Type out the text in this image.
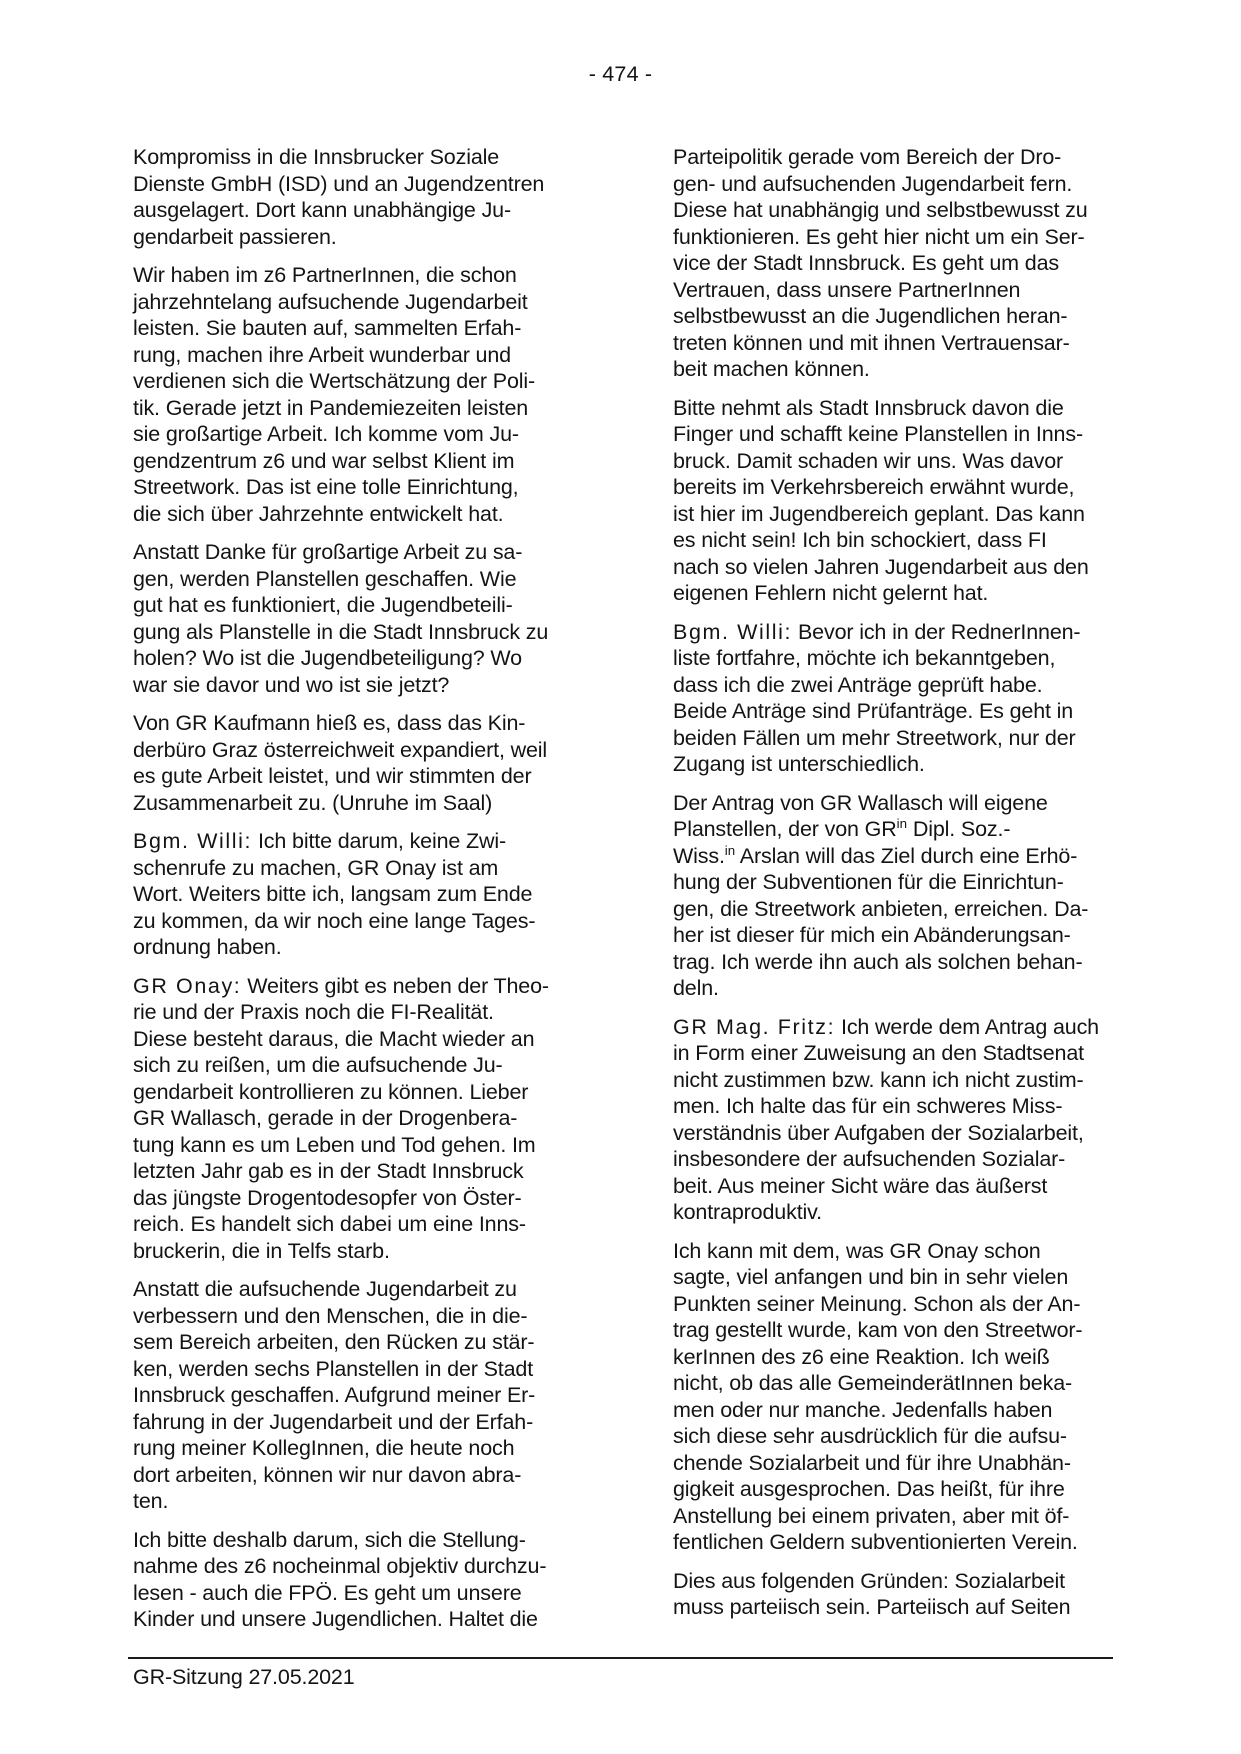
- 474 -
Kompromiss in die Innsbrucker Soziale
Dienste GmbH (ISD) und an Jugendzentren
ausgelagert. Dort kann unabhängige Ju-
gendarbeit passieren.
Wir haben im z6 PartnerInnen, die schon
jahrzehntelang aufsuchende Jugendarbeit
leisten. Sie bauten auf, sammelten Erfah-
rung, machen ihre Arbeit wunderbar und
verdienen sich die Wertschätzung der Poli-
tik. Gerade jetzt in Pandemiezeiten leisten
sie großartige Arbeit. Ich komme vom Ju-
gendzentrum z6 und war selbst Klient im
Streetwork. Das ist eine tolle Einrichtung,
die sich über Jahrzehnte entwickelt hat.
Anstatt Danke für großartige Arbeit zu sa-
gen, werden Planstellen geschaffen. Wie
gut hat es funktioniert, die Jugendbeteili-
gung als Planstelle in die Stadt Innsbruck zu
holen? Wo ist die Jugendbeteiligung? Wo
war sie davor und wo ist sie jetzt?
Von GR Kaufmann hieß es, dass das Kin-
derbüro Graz österreichweit expandiert, weil
es gute Arbeit leistet, und wir stimmten der
Zusammenarbeit zu. (Unruhe im Saal)
Bgm. Willi: Ich bitte darum, keine Zwi-
schenrufe zu machen, GR Onay ist am
Wort. Weiters bitte ich, langsam zum Ende
zu kommen, da wir noch eine lange Tages-
ordnung haben.
GR Onay: Weiters gibt es neben der Theo-
rie und der Praxis noch die FI-Realität.
Diese besteht daraus, die Macht wieder an
sich zu reißen, um die aufsuchende Ju-
gendarbeit kontrollieren zu können. Lieber
GR Wallasch, gerade in der Drogenbera-
tung kann es um Leben und Tod gehen. Im
letzten Jahr gab es in der Stadt Innsbruck
das jüngste Drogentodesopfer von Öster-
reich. Es handelt sich dabei um eine Inns-
bruckerin, die in Telfs starb.
Anstatt die aufsuchende Jugendarbeit zu
verbessern und den Menschen, die in die-
sem Bereich arbeiten, den Rücken zu stär-
ken, werden sechs Planstellen in der Stadt
Innsbruck geschaffen. Aufgrund meiner Er-
fahrung in der Jugendarbeit und der Erfah-
rung meiner KollegInnen, die heute noch
dort arbeiten, können wir nur davon abra-
ten.
Ich bitte deshalb darum, sich die Stellung-
nahme des z6 nocheinmal objektiv durchzu-
lesen - auch die FPÖ. Es geht um unsere
Kinder und unsere Jugendlichen. Haltet die
Parteipolitik gerade vom Bereich der Dro-
gen- und aufsuchenden Jugendarbeit fern.
Diese hat unabhängig und selbstbewusst zu
funktionieren. Es geht hier nicht um ein Ser-
vice der Stadt Innsbruck. Es geht um das
Vertrauen, dass unsere PartnerInnen
selbstbewusst an die Jugendlichen heran-
treten können und mit ihnen Vertrauensar-
beit machen können.
Bitte nehmt als Stadt Innsbruck davon die
Finger und schafft keine Planstellen in Inns-
bruck. Damit schaden wir uns. Was davor
bereits im Verkehrsbereich erwähnt wurde,
ist hier im Jugendbereich geplant. Das kann
es nicht sein! Ich bin schockiert, dass FI
nach so vielen Jahren Jugendarbeit aus den
eigenen Fehlern nicht gelernt hat.
Bgm. Willi: Bevor ich in der RednerInnen-
liste fortfahre, möchte ich bekanntgeben,
dass ich die zwei Anträge geprüft habe.
Beide Anträge sind Prüfanträge. Es geht in
beiden Fällen um mehr Streetwork, nur der
Zugang ist unterschiedlich.
Der Antrag von GR Wallasch will eigene
Planstellen, der von $GR^{in}$ Dipl. Soz.-
Wiss.$^{in}$ Arslan will das Ziel durch eine Erhö-
hung der Subventionen für die Einrichtun-
gen, die Streetwork anbieten, erreichen. Da-
her ist dieser für mich ein Abänderungsan-
trag. Ich werde ihn auch als solchen behan-
deln.
GR Mag. Fritz: Ich werde dem Antrag auch
in Form einer Zuweisung an den Stadtsenat
nicht zustimmen bzw. kann ich nicht zustim-
men. Ich halte das für ein schweres Miss-
verständnis über Aufgaben der Sozialarbeit,
insbesondere der aufsuchenden Sozialar-
beit. Aus meiner Sicht wäre das äußerst
kontraproduktiv.
Ich kann mit dem, was GR Onay schon
sagte, viel anfangen und bin in sehr vielen
Punkten seiner Meinung. Schon als der An-
trag gestellt wurde, kam von den Streetwor-
kerInnen des z6 eine Reaktion. Ich weiß
nicht, ob das alle GemeinderätInnen beka-
men oder nur manche. Jedenfalls haben
sich diese sehr ausdrücklich für die aufsu-
chende Sozialarbeit und für ihre Unabhän-
gigkeit ausgesprochen. Das heißt, für ihre
Anstellung bei einem privaten, aber mit öf-
fentlichen Geldern subventionierten Verein.
Dies aus folgenden Gründen: Sozialarbeit
muss parteiisch sein. Parteiisch auf Seiten
GR-Sitzung 27.05.2021
